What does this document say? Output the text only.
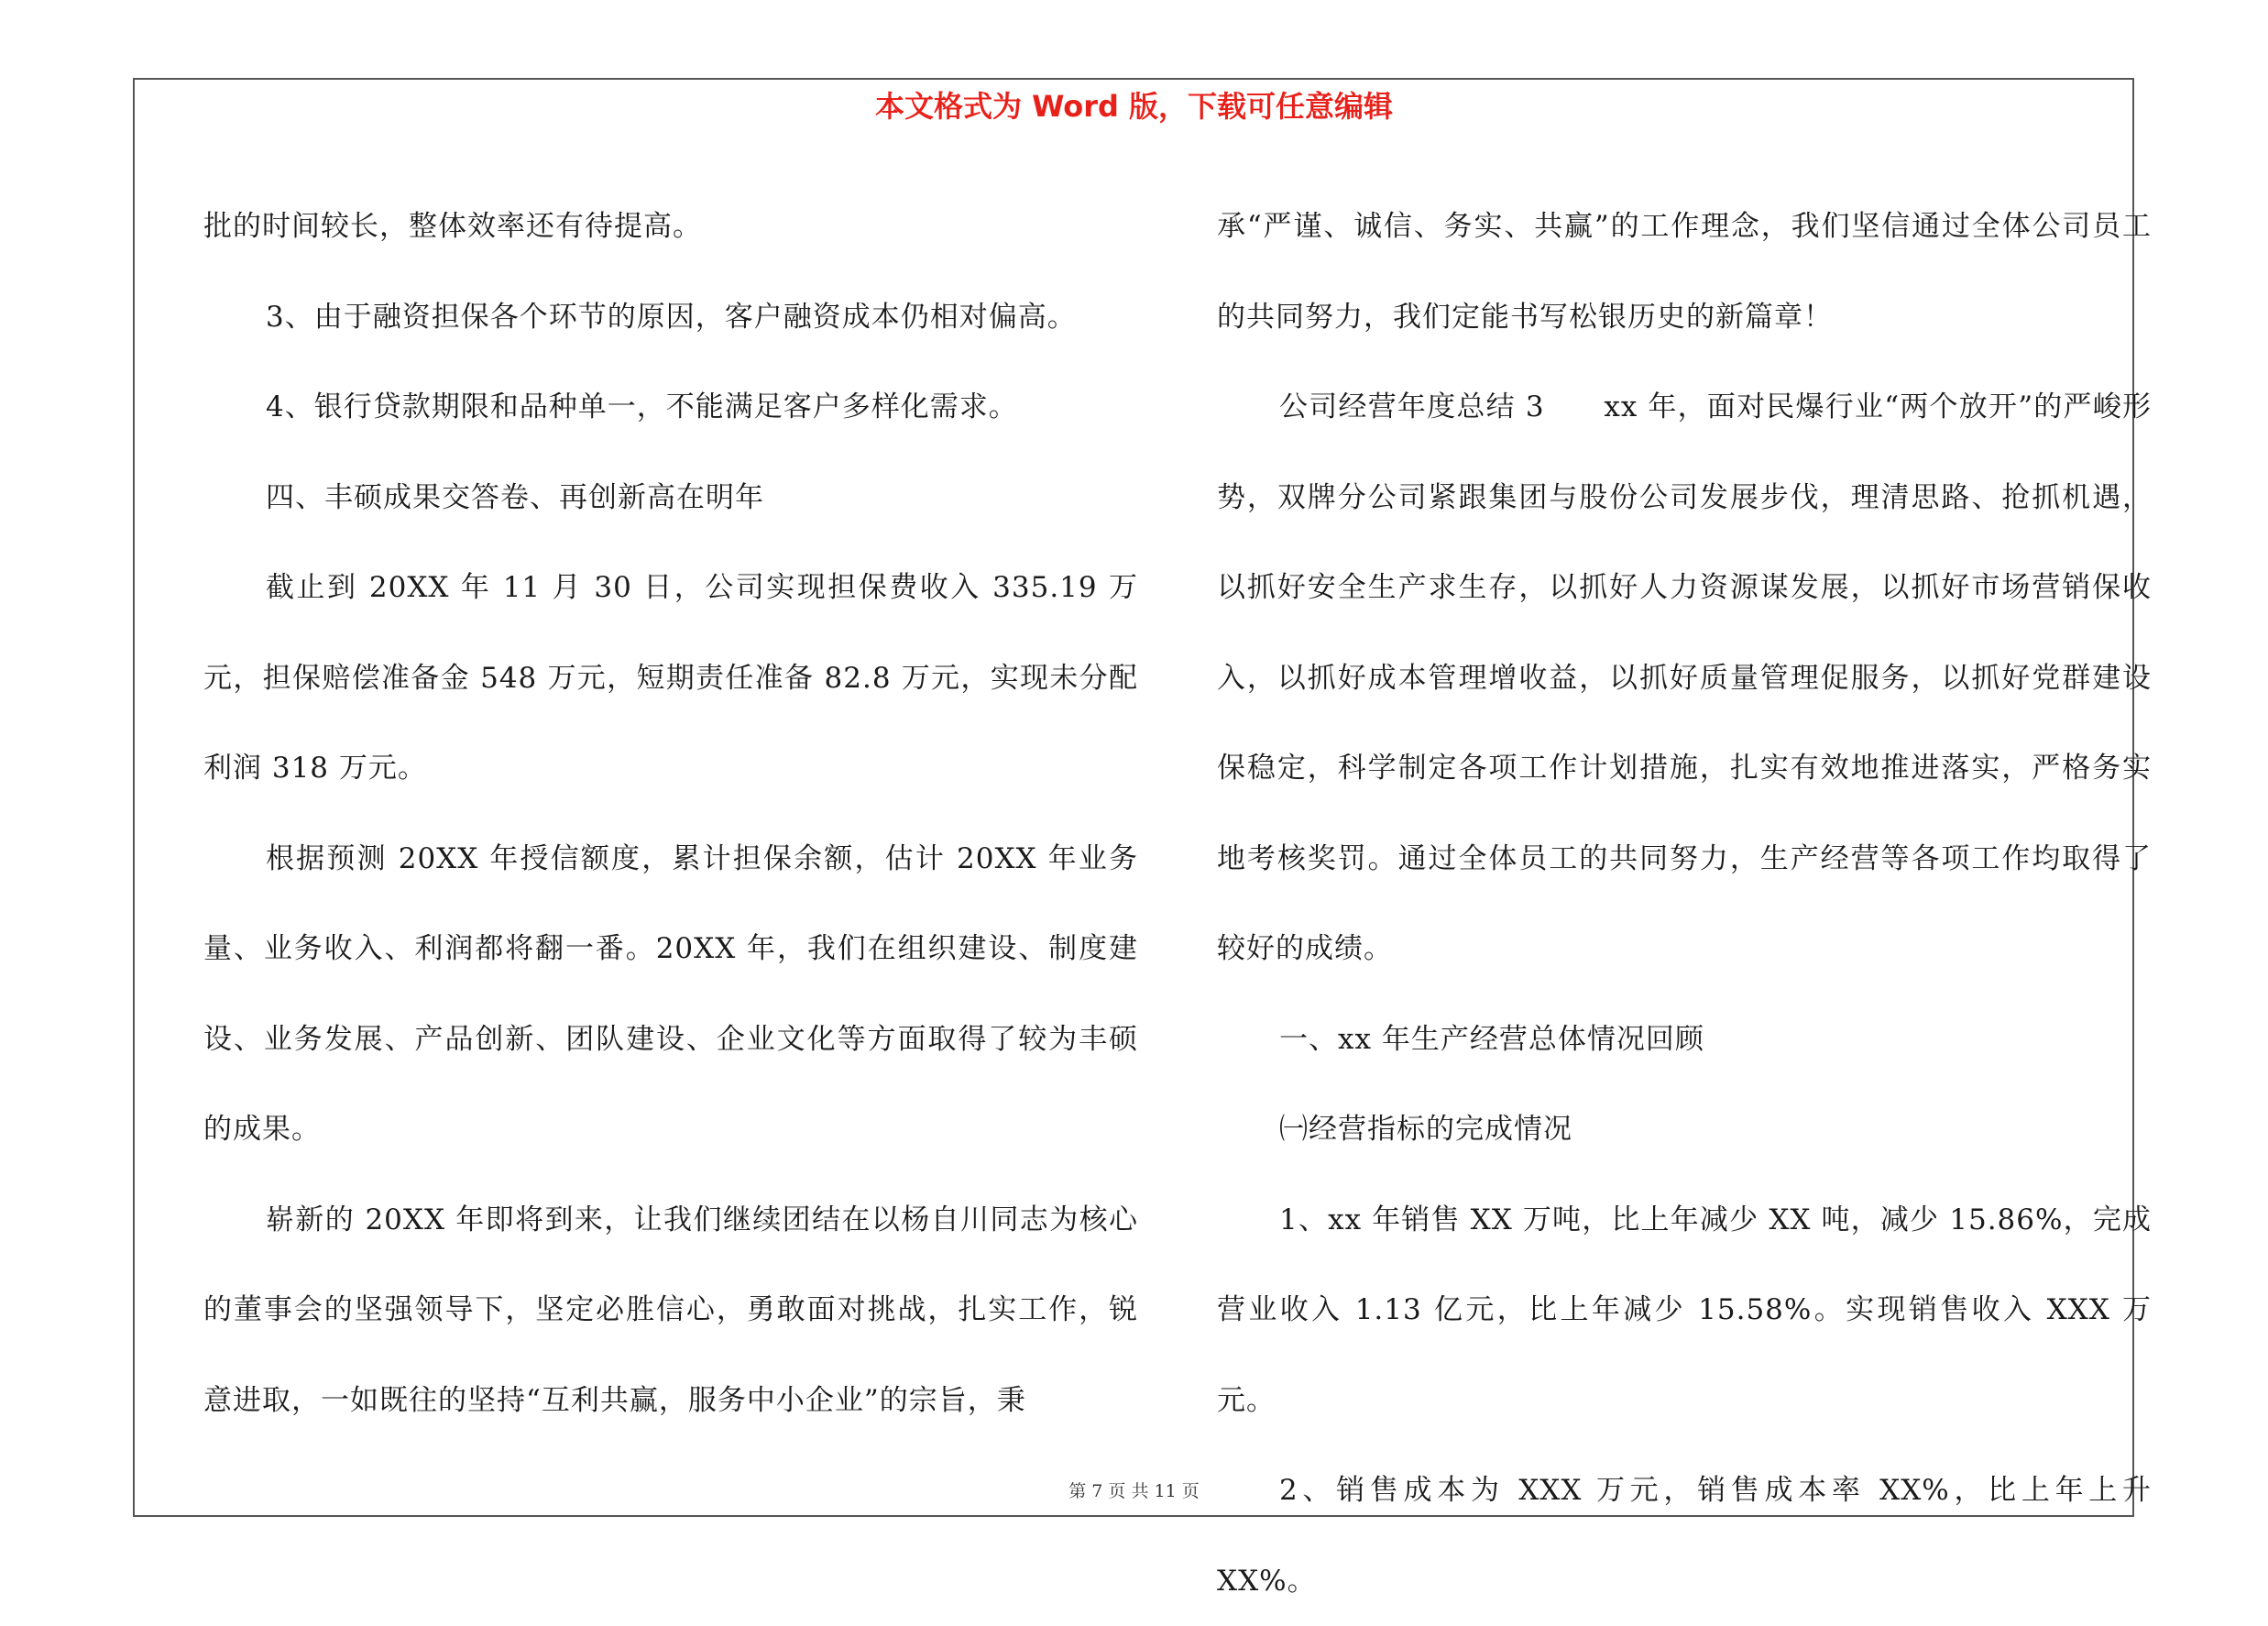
本文格式为 Word 版，下载可任意编辑

批的时间较长，整体效率还有待提高。

3、由于融资担保各个环节的原因，客户融资成本仍相对偏高。

4、银行贷款期限和品种单一，不能满足客户多样化需求。

四、丰硕成果交答卷、再创新高在明年

截止到 20XX 年 11 月 30 日，公司实现担保费收入 335.19 万元，担保赔偿准备金 548 万元，短期责任准备 82.8 万元，实现未分配利润 318 万元。

根据预测 20XX 年授信额度，累计担保余额，估计 20XX 年业务量、业务收入、利润都将翻一番。20XX 年，我们在组织建设、制度建设、业务发展、产品创新、团队建设、企业文化等方面取得了较为丰硕的成果。

崭新的 20XX 年即将到来，让我们继续团结在以杨自川同志为核心的董事会的坚强领导下，坚定必胜信心，勇敢面对挑战，扎实工作，锐意进取，一如既往的坚持“互利共赢，服务中小企业”的宗旨，秉

承“严谨、诚信、务实、共赢”的工作理念，我们坚信通过全体公司员工的共同努力，我们定能书写松银历史的新篇章！

公司经营年度总结 3　　xx 年，面对民爆行业“两个放开”的严峻形势，双牌分公司紧跟集团与股份公司发展步伐，理清思路、抢抓机遇，以抓好安全生产求生存，以抓好人力资源谋发展，以抓好市场营销保收入，以抓好成本管理增收益，以抓好质量管理促服务，以抓好党群建设保稳定，科学制定各项工作计划措施，扎实有效地推进落实，严格务实地考核奖罚。通过全体员工的共同努力，生产经营等各项工作均取得了较好的成绩。

一、xx 年生产经营总体情况回顾

㈠经营指标的完成情况

1、xx 年销售 XX 万吨，比上年减少 XX 吨，减少 15.86%，完成营业收入 1.13 亿元，比上年减少 15.58%。实现销售收入 XXX 万元。

2、销售成本为 XXX 万元，销售成本率 XX%，比上年上升 XX%。

第 7 页 共 11 页
